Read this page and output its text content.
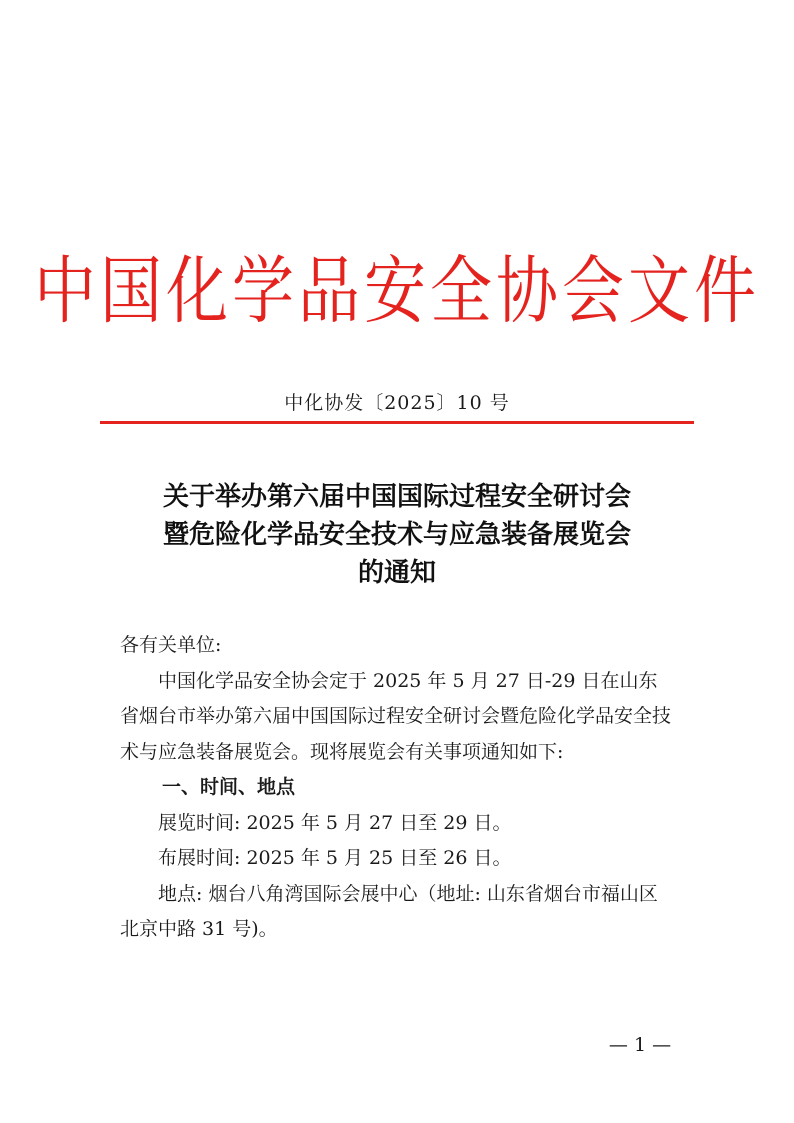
中国化学品安全协会文件
中化协发〔2025〕10 号
关于举办第六届中国国际过程安全研讨会
暨危险化学品安全技术与应急装备展览会
的通知

各有关单位:

中国化学品安全协会定于 2025 年 5 月 27 日-29 日在山东省烟台市举办第六届中国国际过程安全研讨会暨危险化学品安全技术与应急装备展览会。现将展览会有关事项通知如下:

一、时间、地点

展览时间: 2025 年 5 月 27 日至 29 日。

布展时间: 2025 年 5 月 25 日至 26 日。

地点: 烟台八角湾国际会展中心（地址: 山东省烟台市福山区北京中路 31 号)。

— 1 —
